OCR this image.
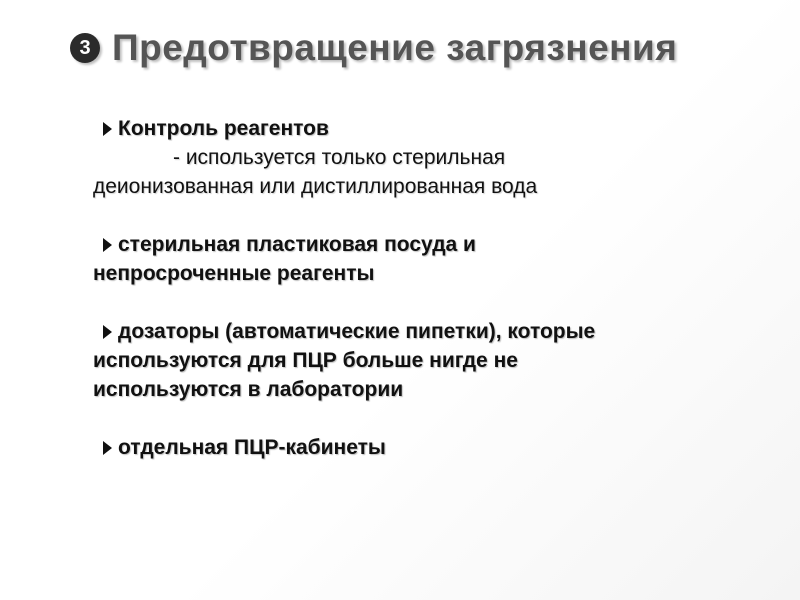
3 Предотвращение загрязнения
Контроль реагентов
- используется только стерильная
деионизованная или дистиллированная вода
стерильная пластиковая посуда и
непросроченные реагенты
дозаторы (автоматические пипетки), которые
используются для ПЦР больше нигде не
используются в лаборатории
отдельная ПЦР-кабинеты
